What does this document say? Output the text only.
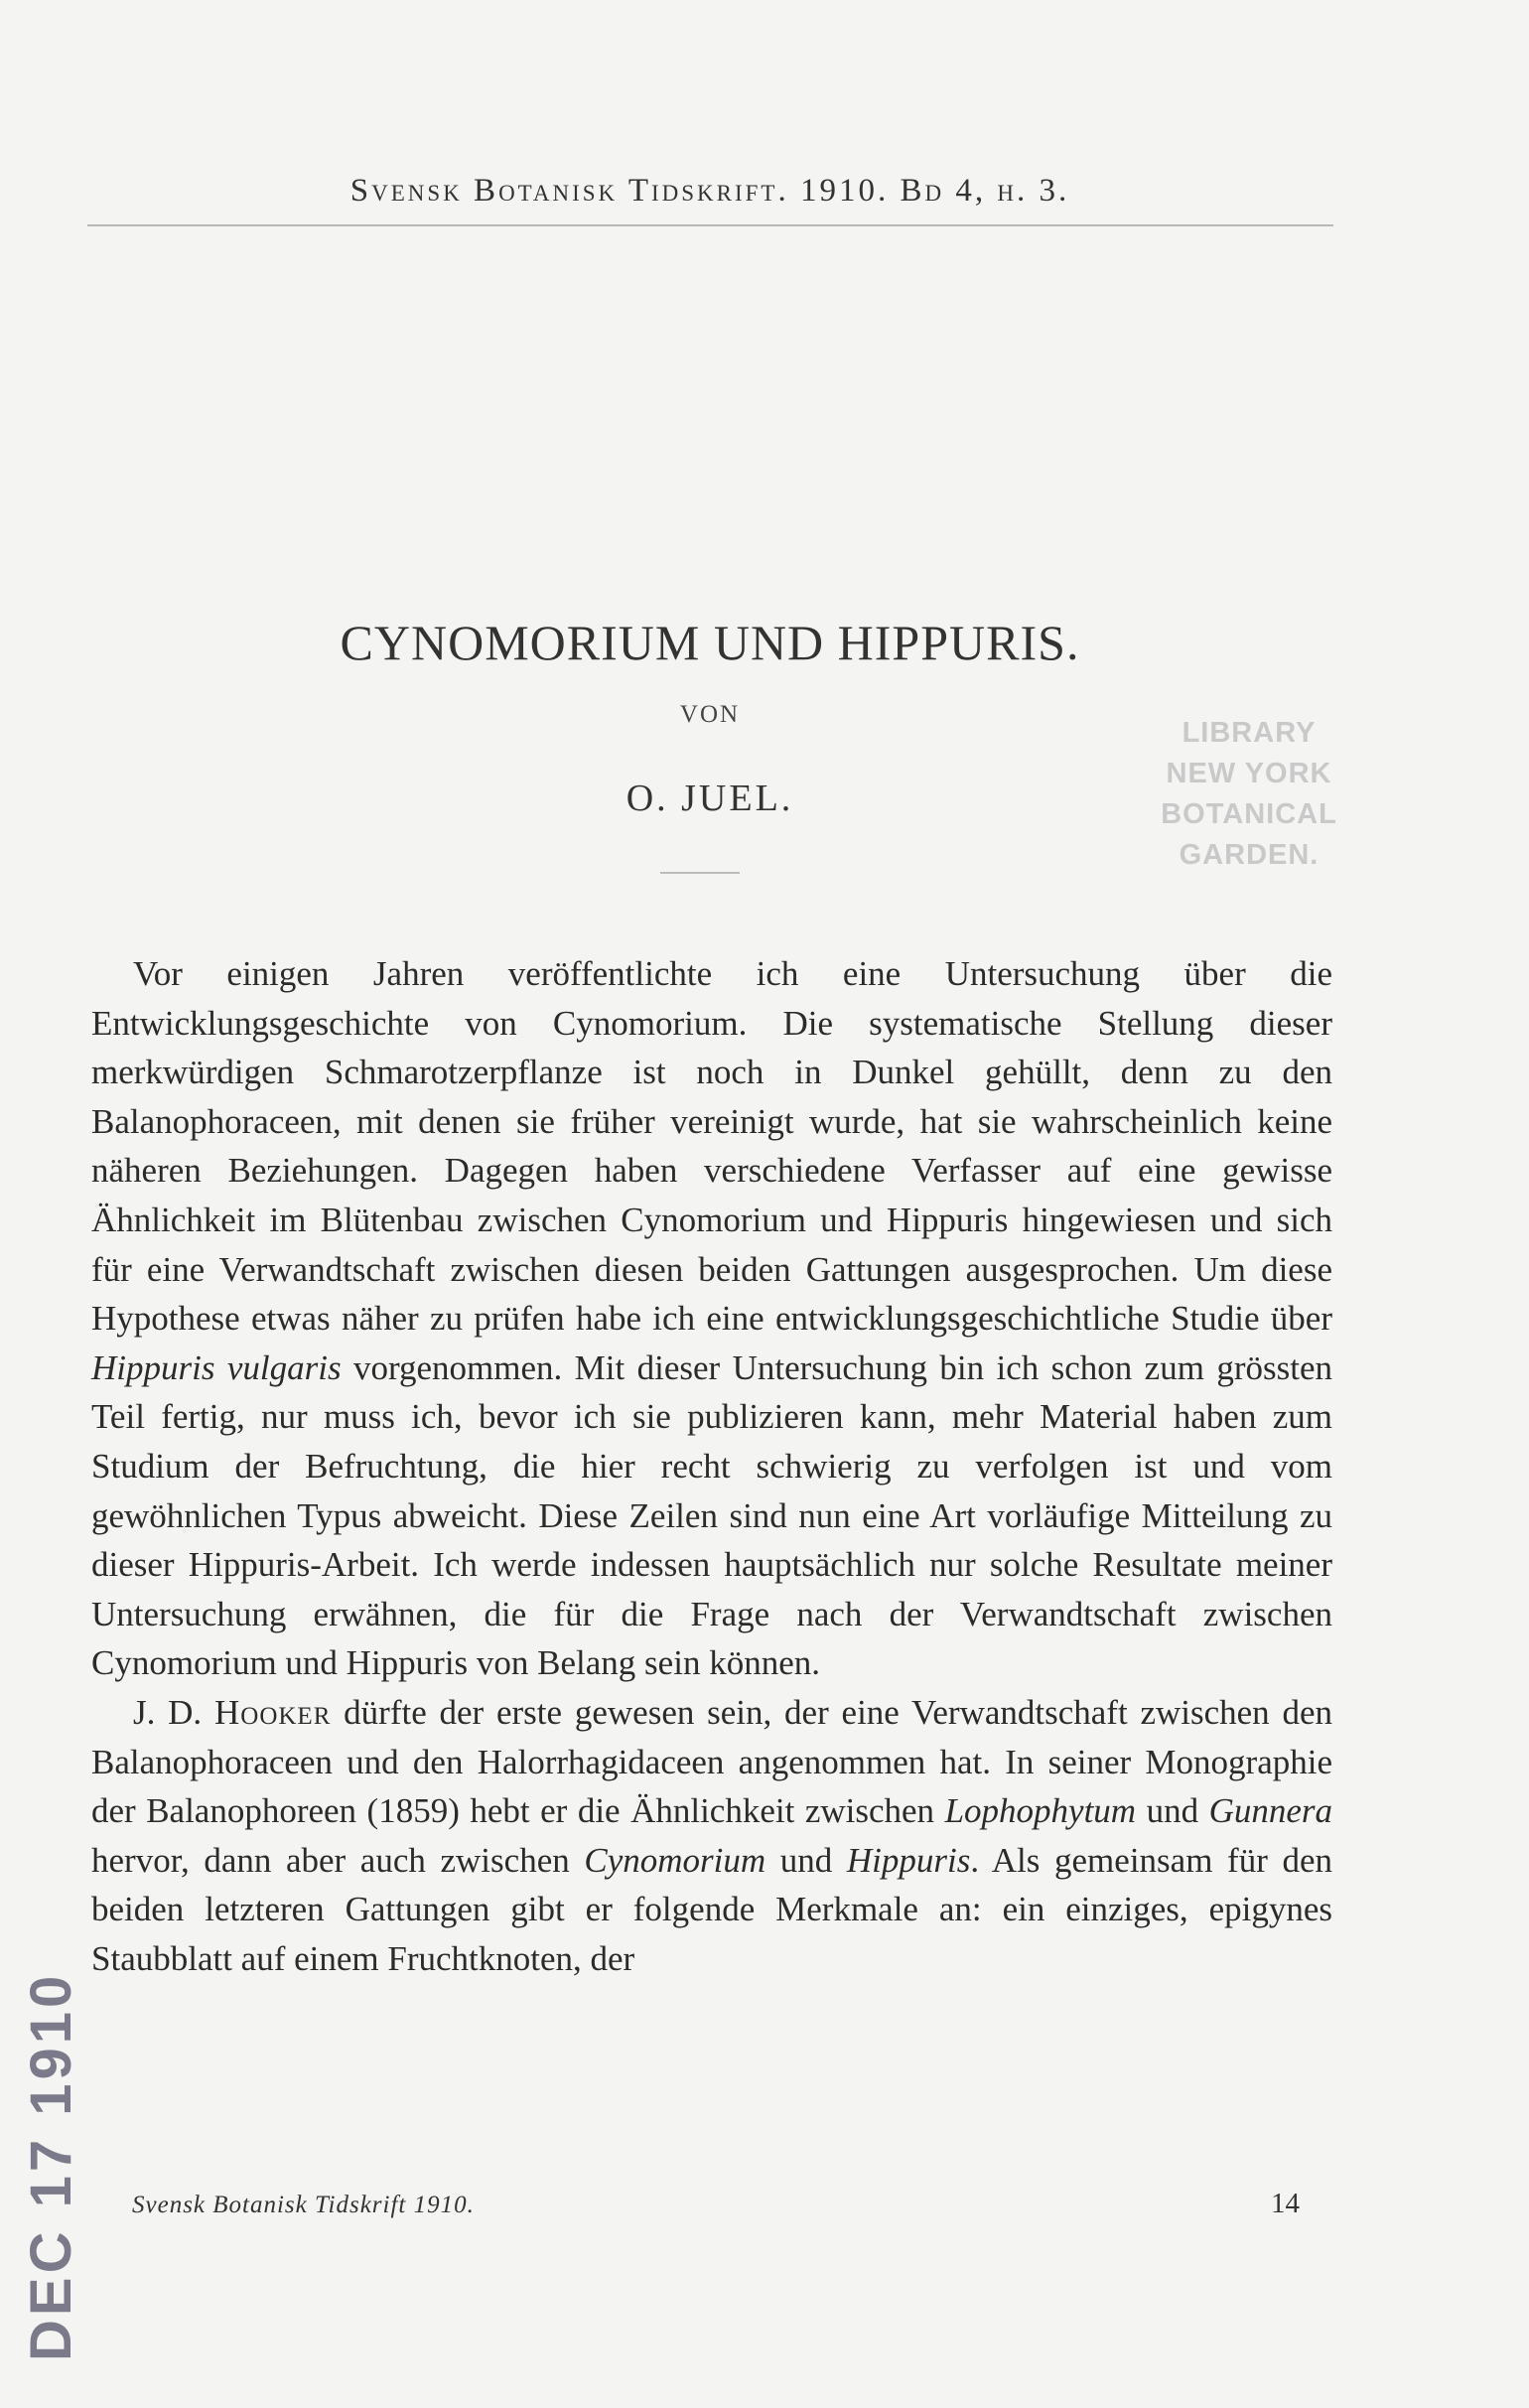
Svensk Botanisk Tidskrift. 1910. Bd 4, h. 3.
CYNOMORIUM UND HIPPURIS.
VON
O. JUEL.
LIBRARY
NEW YORK
BOTANICAL
GARDEN.

Vor einigen Jahren veröffentlichte ich eine Untersuchung über die Entwicklungsgeschichte von Cynomorium. Die systematische Stellung dieser merkwürdigen Schmarotzerpflanze ist noch in Dunkel gehüllt, denn zu den Balanophoraceen, mit denen sie früher vereinigt wurde, hat sie wahrscheinlich keine näheren Beziehungen. Dagegen haben verschiedene Verfasser auf eine gewisse Ähnlichkeit im Blütenbau zwischen Cynomorium und Hippuris hingewiesen und sich für eine Verwandtschaft zwischen diesen beiden Gattungen ausgesprochen. Um diese Hypothese etwas näher zu prüfen habe ich eine entwicklungsgeschichtliche Studie über Hippuris vulgaris vorgenommen. Mit dieser Untersuchung bin ich schon zum grössten Teil fertig, nur muss ich, bevor ich sie publizieren kann, mehr Material haben zum Studium der Befruchtung, die hier recht schwierig zu verfolgen ist und vom gewöhnlichen Typus abweicht. Diese Zeilen sind nun eine Art vorläufige Mitteilung zu dieser Hippuris-Arbeit. Ich werde indessen hauptsächlich nur solche Resultate meiner Untersuchung erwähnen, die für die Frage nach der Verwandtschaft zwischen Cynomorium und Hippuris von Belang sein können.

J. D. Hooker dürfte der erste gewesen sein, der eine Verwandtschaft zwischen den Balanophoraceen und den Halorrhagidaceen angenommen hat. In seiner Monographie der Balanophoreen (1859) hebt er die Ähnlichkeit zwischen Lophophytum und Gunnera hervor, dann aber auch zwischen Cynomorium und Hippuris. Als gemeinsam für den beiden letzteren Gattungen gibt er folgende Merkmale an: ein einziges, epigynes Staubblatt auf einem Fruchtknoten, der

Svensk Botanisk Tidskrift 1910.	14
DEC 17 1910
